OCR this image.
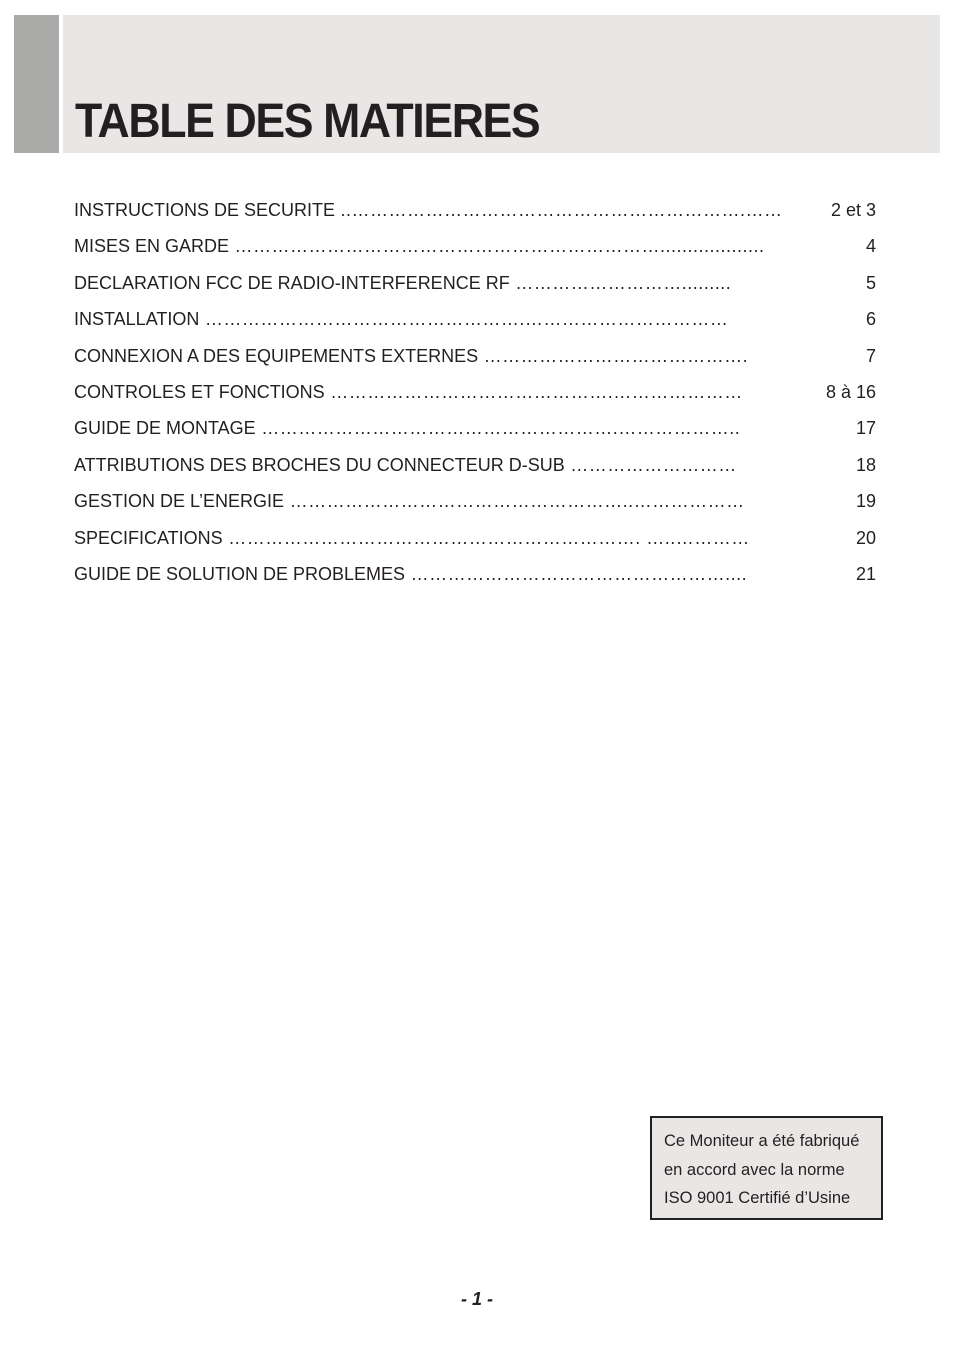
TABLE DES MATIERES
INSTRUCTIONS DE SECURITE ..……………………………………………………….……	2 et 3
MISES EN GARDE ……………………………………………………………...................	4
DECLARATION FCC DE RADIO-INTERFERENCE RF ……………………….........	5
INSTALLATION …………………………………………….……………………………	6
CONNEXION A DES EQUIPEMENTS EXTERNES …………………………………….	7
CONTROLES ET FONCTIONS ……………………………………….…………………	8 à 16
GUIDE DE MONTAGE ………………………………………………….………………..	17
ATTRIBUTIONS DES BROCHES DU CONNECTEUR D-SUB ………………………	18
GESTION DE L’ENERGIE ………………………………………………..………………	19
SPECIFICATIONS …………………………………………………………. …..…………	20
GUIDE DE SOLUTION DE PROBLEMES ……………………………………………....	21
Ce Moniteur a été fabriqué
en accord avec la norme
ISO 9001 Certifié d’Usine
- 1 -
